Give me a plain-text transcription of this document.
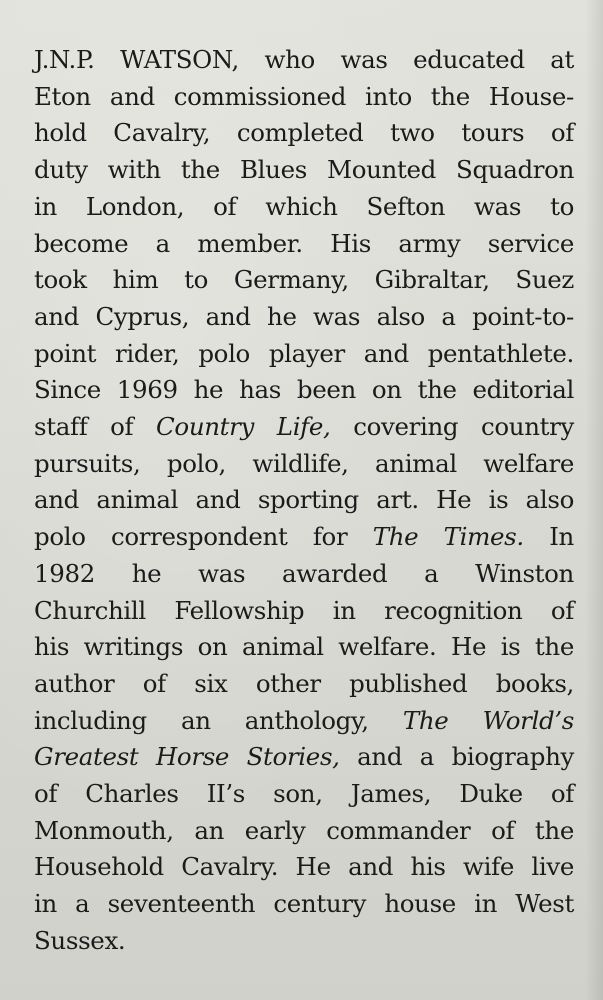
J.N.P. WATSON, who was educated at
Eton and commissioned into the House-
hold Cavalry, completed two tours of
duty with the Blues Mounted Squadron
in London, of which Sefton was to
become a member. His army service
took him to Germany, Gibraltar, Suez
and Cyprus, and he was also a point-to-
point rider, polo player and pentathlete.
Since 1969 he has been on the editorial
staff of Country Life, covering country
pursuits, polo, wildlife, animal welfare
and animal and sporting art. He is also
polo correspondent for The Times. In
1982 he was awarded a Winston
Churchill Fellowship in recognition of
his writings on animal welfare. He is the
author of six other published books,
including an anthology, The World’s
Greatest Horse Stories, and a biography
of Charles II’s son, James, Duke of
Monmouth, an early commander of the
Household Cavalry. He and his wife live
in a seventeenth century house in West
Sussex.
